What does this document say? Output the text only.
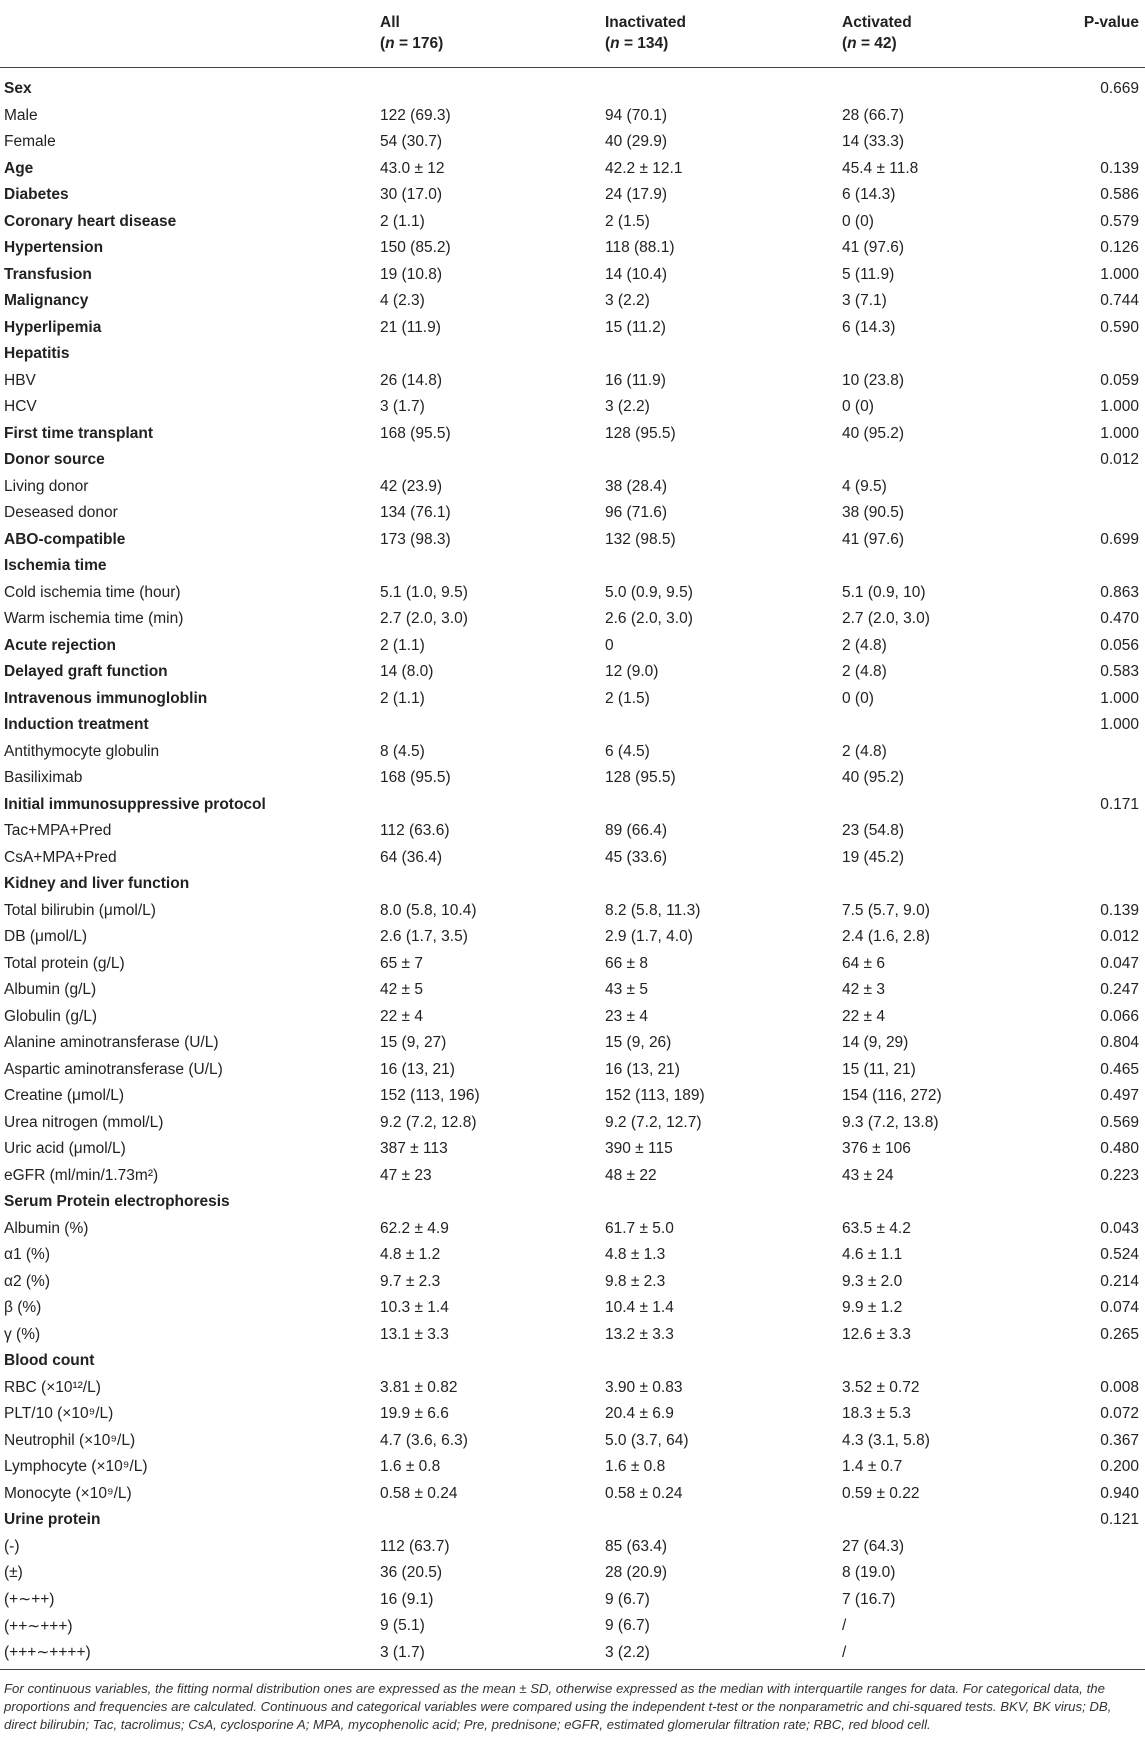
	All	Inactivated	Activated	P-value
	(n = 176)	(n = 134)	(n = 42)	
Sex				0.669
Male	122 (69.3)	94 (70.1)	28 (66.7)	
Female	54 (30.7)	40 (29.9)	14 (33.3)	
Age	43.0 ± 12	42.2 ± 12.1	45.4 ± 11.8	0.139
Diabetes	30 (17.0)	24 (17.9)	6 (14.3)	0.586
Coronary heart disease	2 (1.1)	2 (1.5)	0 (0)	0.579
Hypertension	150 (85.2)	118 (88.1)	41 (97.6)	0.126
Transfusion	19 (10.8)	14 (10.4)	5 (11.9)	1.000
Malignancy	4 (2.3)	3 (2.2)	3 (7.1)	0.744
Hyperlipemia	21 (11.9)	15 (11.2)	6 (14.3)	0.590
Hepatitis				
HBV	26 (14.8)	16 (11.9)	10 (23.8)	0.059
HCV	3 (1.7)	3 (2.2)	0 (0)	1.000
First time transplant	168 (95.5)	128 (95.5)	40 (95.2)	1.000
Donor source				0.012
Living donor	42 (23.9)	38 (28.4)	4 (9.5)	
Deseased donor	134 (76.1)	96 (71.6)	38 (90.5)	
ABO-compatible	173 (98.3)	132 (98.5)	41 (97.6)	0.699
Ischemia time				
Cold ischemia time (hour)	5.1 (1.0, 9.5)	5.0 (0.9, 9.5)	5.1 (0.9, 10)	0.863
Warm ischemia time (min)	2.7 (2.0, 3.0)	2.6 (2.0, 3.0)	2.7 (2.0, 3.0)	0.470
Acute rejection	2 (1.1)	0	2 (4.8)	0.056
Delayed graft function	14 (8.0)	12 (9.0)	2 (4.8)	0.583
Intravenous immunogloblin	2 (1.1)	2 (1.5)	0 (0)	1.000
Induction treatment				1.000
Antithymocyte globulin	8 (4.5)	6 (4.5)	2 (4.8)	
Basiliximab	168 (95.5)	128 (95.5)	40 (95.2)	
Initial immunosuppressive protocol				0.171
Tac+MPA+Pred	112 (63.6)	89 (66.4)	23 (54.8)	
CsA+MPA+Pred	64 (36.4)	45 (33.6)	19 (45.2)	
Kidney and liver function				
Total bilirubin (μmol/L)	8.0 (5.8, 10.4)	8.2 (5.8, 11.3)	7.5 (5.7, 9.0)	0.139
DB (μmol/L)	2.6 (1.7, 3.5)	2.9 (1.7, 4.0)	2.4 (1.6, 2.8)	0.012
Total protein (g/L)	65 ± 7	66 ± 8	64 ± 6	0.047
Albumin (g/L)	42 ± 5	43 ± 5	42 ± 3	0.247
Globulin (g/L)	22 ± 4	23 ± 4	22 ± 4	0.066
Alanine aminotransferase (U/L)	15 (9, 27)	15 (9, 26)	14 (9, 29)	0.804
Aspartic aminotransferase (U/L)	16 (13, 21)	16 (13, 21)	15 (11, 21)	0.465
Creatine (μmol/L)	152 (113, 196)	152 (113, 189)	154 (116, 272)	0.497
Urea nitrogen (mmol/L)	9.2 (7.2, 12.8)	9.2 (7.2, 12.7)	9.3 (7.2, 13.8)	0.569
Uric acid (μmol/L)	387 ± 113	390 ± 115	376 ± 106	0.480
eGFR (ml/min/1.73m²)	47 ± 23	48 ± 22	43 ± 24	0.223
Serum Protein electrophoresis				
Albumin (%)	62.2 ± 4.9	61.7 ± 5.0	63.5 ± 4.2	0.043
α1 (%)	4.8 ± 1.2	4.8 ± 1.3	4.6 ± 1.1	0.524
α2 (%)	9.7 ± 2.3	9.8 ± 2.3	9.3 ± 2.0	0.214
β (%)	10.3 ± 1.4	10.4 ± 1.4	9.9 ± 1.2	0.074
γ (%)	13.1 ± 3.3	13.2 ± 3.3	12.6 ± 3.3	0.265
Blood count				
RBC (×10¹²/L)	3.81 ± 0.82	3.90 ± 0.83	3.52 ± 0.72	0.008
PLT/10 (×10⁹/L)	19.9 ± 6.6	20.4 ± 6.9	18.3 ± 5.3	0.072
Neutrophil (×10⁹/L)	4.7 (3.6, 6.3)	5.0 (3.7, 64)	4.3 (3.1, 5.8)	0.367
Lymphocyte (×10⁹/L)	1.6 ± 0.8	1.6 ± 0.8	1.4 ± 0.7	0.200
Monocyte (×10⁹/L)	0.58 ± 0.24	0.58 ± 0.24	0.59 ± 0.22	0.940
Urine protein				0.121
(-)	112 (63.7)	85 (63.4)	27 (64.3)	
(±)	36 (20.5)	28 (20.9)	8 (19.0)	
(+∼++)	16 (9.1)	9 (6.7)	7 (16.7)	
(++∼+++)	9 (5.1)	9 (6.7)	/	
(+++∼++++)	3 (1.7)	3 (2.2)	/	
For continuous variables, the fitting normal distribution ones are expressed as the mean ± SD, otherwise expressed as the median with interquartile ranges for data. For categorical data, the proportions and frequencies are calculated. Continuous and categorical variables were compared using the independent t-test or the nonparametric and chi-squared tests. BKV, BK virus; DB, direct bilirubin; Tac, tacrolimus; CsA, cyclosporine A; MPA, mycophenolic acid; Pre, prednisone; eGFR, estimated glomerular filtration rate; RBC, red blood cell.
